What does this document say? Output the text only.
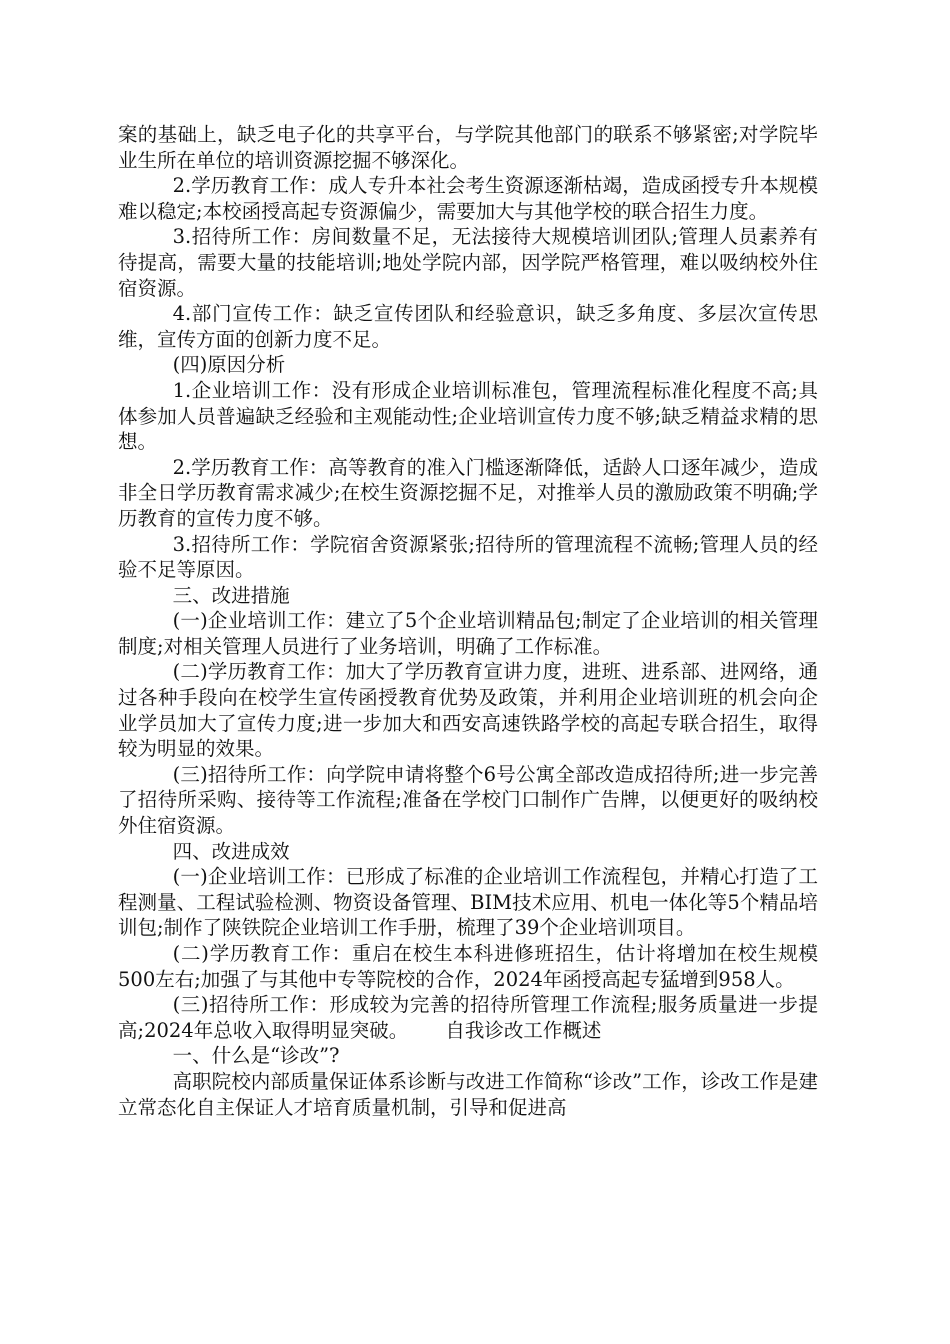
案的基础上，缺乏电子化的共享平台，与学院其他部门的联系不够紧密;对学院毕业生所在单位的培训资源挖掘不够深化。

2.学历教育工作：成人专升本社会考生资源逐渐枯竭，造成函授专升本规模难以稳定;本校函授高起专资源偏少，需要加大与其他学校的联合招生力度。

3.招待所工作：房间数量不足，无法接待大规模培训团队;管理人员素养有待提高，需要大量的技能培训;地处学院内部，因学院严格管理，难以吸纳校外住宿资源。

4.部门宣传工作：缺乏宣传团队和经验意识，缺乏多角度、多层次宣传思维，宣传方面的创新力度不足。

(四)原因分析

1.企业培训工作：没有形成企业培训标准包，管理流程标准化程度不高;具体参加人员普遍缺乏经验和主观能动性;企业培训宣传力度不够;缺乏精益求精的思想。

2.学历教育工作：高等教育的准入门槛逐渐降低，适龄人口逐年减少，造成非全日学历教育需求减少;在校生资源挖掘不足，对推举人员的激励政策不明确;学历教育的宣传力度不够。

3.招待所工作：学院宿舍资源紧张;招待所的管理流程不流畅;管理人员的经验不足等原因。

三、改进措施

(一)企业培训工作：建立了5个企业培训精品包;制定了企业培训的相关管理制度;对相关管理人员进行了业务培训，明确了工作标准。

(二)学历教育工作：加大了学历教育宣讲力度，进班、进系部、进网络，通过各种手段向在校学生宣传函授教育优势及政策，并利用企业培训班的机会向企业学员加大了宣传力度;进一步加大和西安高速铁路学校的高起专联合招生，取得较为明显的效果。

(三)招待所工作：向学院申请将整个6号公寓全部改造成招待所;进一步完善了招待所采购、接待等工作流程;准备在学校门口制作广告牌，以便更好的吸纳校外住宿资源。

四、改进成效

(一)企业培训工作：已形成了标准的企业培训工作流程包，并精心打造了工程测量、工程试验检测、物资设备管理、BIM技术应用、机电一体化等5个精品培训包;制作了陕铁院企业培训工作手册，梳理了39个企业培训项目。

(二)学历教育工作：重启在校生本科进修班招生，估计将增加在校生规模500左右;加强了与其他中专等院校的合作，2024年函授高起专猛增到958人。

(三)招待所工作：形成较为完善的招待所管理工作流程;服务质量进一步提高;2024年总收入取得明显突破。      自我诊改工作概述

一、什么是“诊改”?

高职院校内部质量保证体系诊断与改进工作简称“诊改”工作，诊改工作是建立常态化自主保证人才培育质量机制，引导和促进高
